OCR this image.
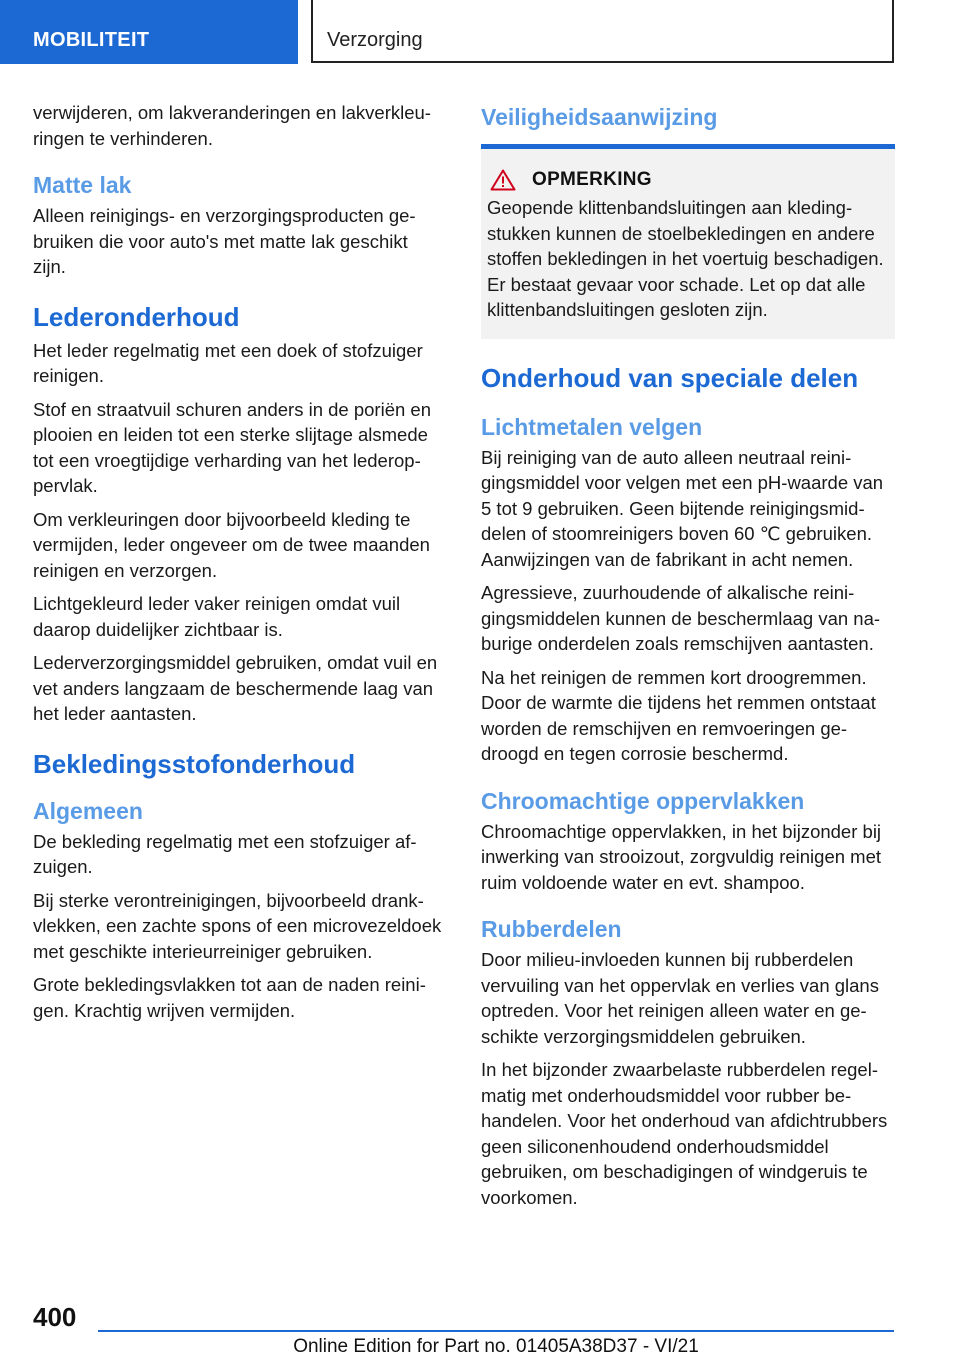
MOBILITEIT	Verzorging

verwijderen, om lakveranderingen en lakverkleuringen te verhinderen.

Matte lak

Alleen reinigings- en verzorgingsproducten gebruiken die voor auto's met matte lak geschikt zijn.

Lederonderhoud

Het leder regelmatig met een doek of stofzuiger reinigen.

Stof en straatvuil schuren anders in de poriën en plooien en leiden tot een sterke slijtage alsmede tot een vroegtijdige verharding van het lederoppervlak.

Om verkleuringen door bijvoorbeeld kleding te vermijden, leder ongeveer om de twee maanden reinigen en verzorgen.

Lichtgekleurd leder vaker reinigen omdat vuil daarop duidelijker zichtbaar is.

Lederverzorgingsmiddel gebruiken, omdat vuil en vet anders langzaam de beschermende laag van het leder aantasten.

Bekledingsstofonderhoud
Algemeen

De bekleding regelmatig met een stofzuiger afzuigen.

Bij sterke verontreinigingen, bijvoorbeeld drankvlekken, een zachte spons of een microvezeldoek met geschikte interieurreiniger gebruiken.

Grote bekledingsvlakken tot aan de naden reinigen. Krachtig wrijven vermijden.

Veiligheidsaanwijzing
OPMERKING

Geopende klittenbandsluitingen aan kledingstukken kunnen de stoelbekledingen en andere stoffen bekledingen in het voertuig beschadigen. Er bestaat gevaar voor schade. Let op dat alle klittenbandsluitingen gesloten zijn.

Onderhoud van speciale delen
Lichtmetalen velgen

Bij reiniging van de auto alleen neutraal reinigingsmiddel voor velgen met een pH-waarde van 5 tot 9 gebruiken. Geen bijtende reinigingsmiddelen of stoomreinigers boven 60 ℃ gebruiken. Aanwijzingen van de fabrikant in acht nemen.

Agressieve, zuurhoudende of alkalische reinigingsmiddelen kunnen de beschermlaag van naburige onderdelen zoals remschijven aantasten.

Na het reinigen de remmen kort droogremmen. Door de warmte die tijdens het remmen ontstaat worden de remschijven en remvoeringen gedroogd en tegen corrosie beschermd.

Chroomachtige oppervlakken

Chroomachtige oppervlakken, in het bijzonder bij inwerking van strooizout, zorgvuldig reinigen met ruim voldoende water en evt. shampoo.

Rubberdelen

Door milieu-invloeden kunnen bij rubberdelen vervuiling van het oppervlak en verlies van glans optreden. Voor het reinigen alleen water en geschikte verzorgingsmiddelen gebruiken.

In het bijzonder zwaarbelaste rubberdelen regelmatig met onderhoudsmiddel voor rubber behandelen. Voor het onderhoud van afdichtrubbers geen siliconenhoudend onderhoudsmiddel gebruiken, om beschadigingen of windgeruis te voorkomen.

400
Online Edition for Part no. 01405A38D37 - VI/21
